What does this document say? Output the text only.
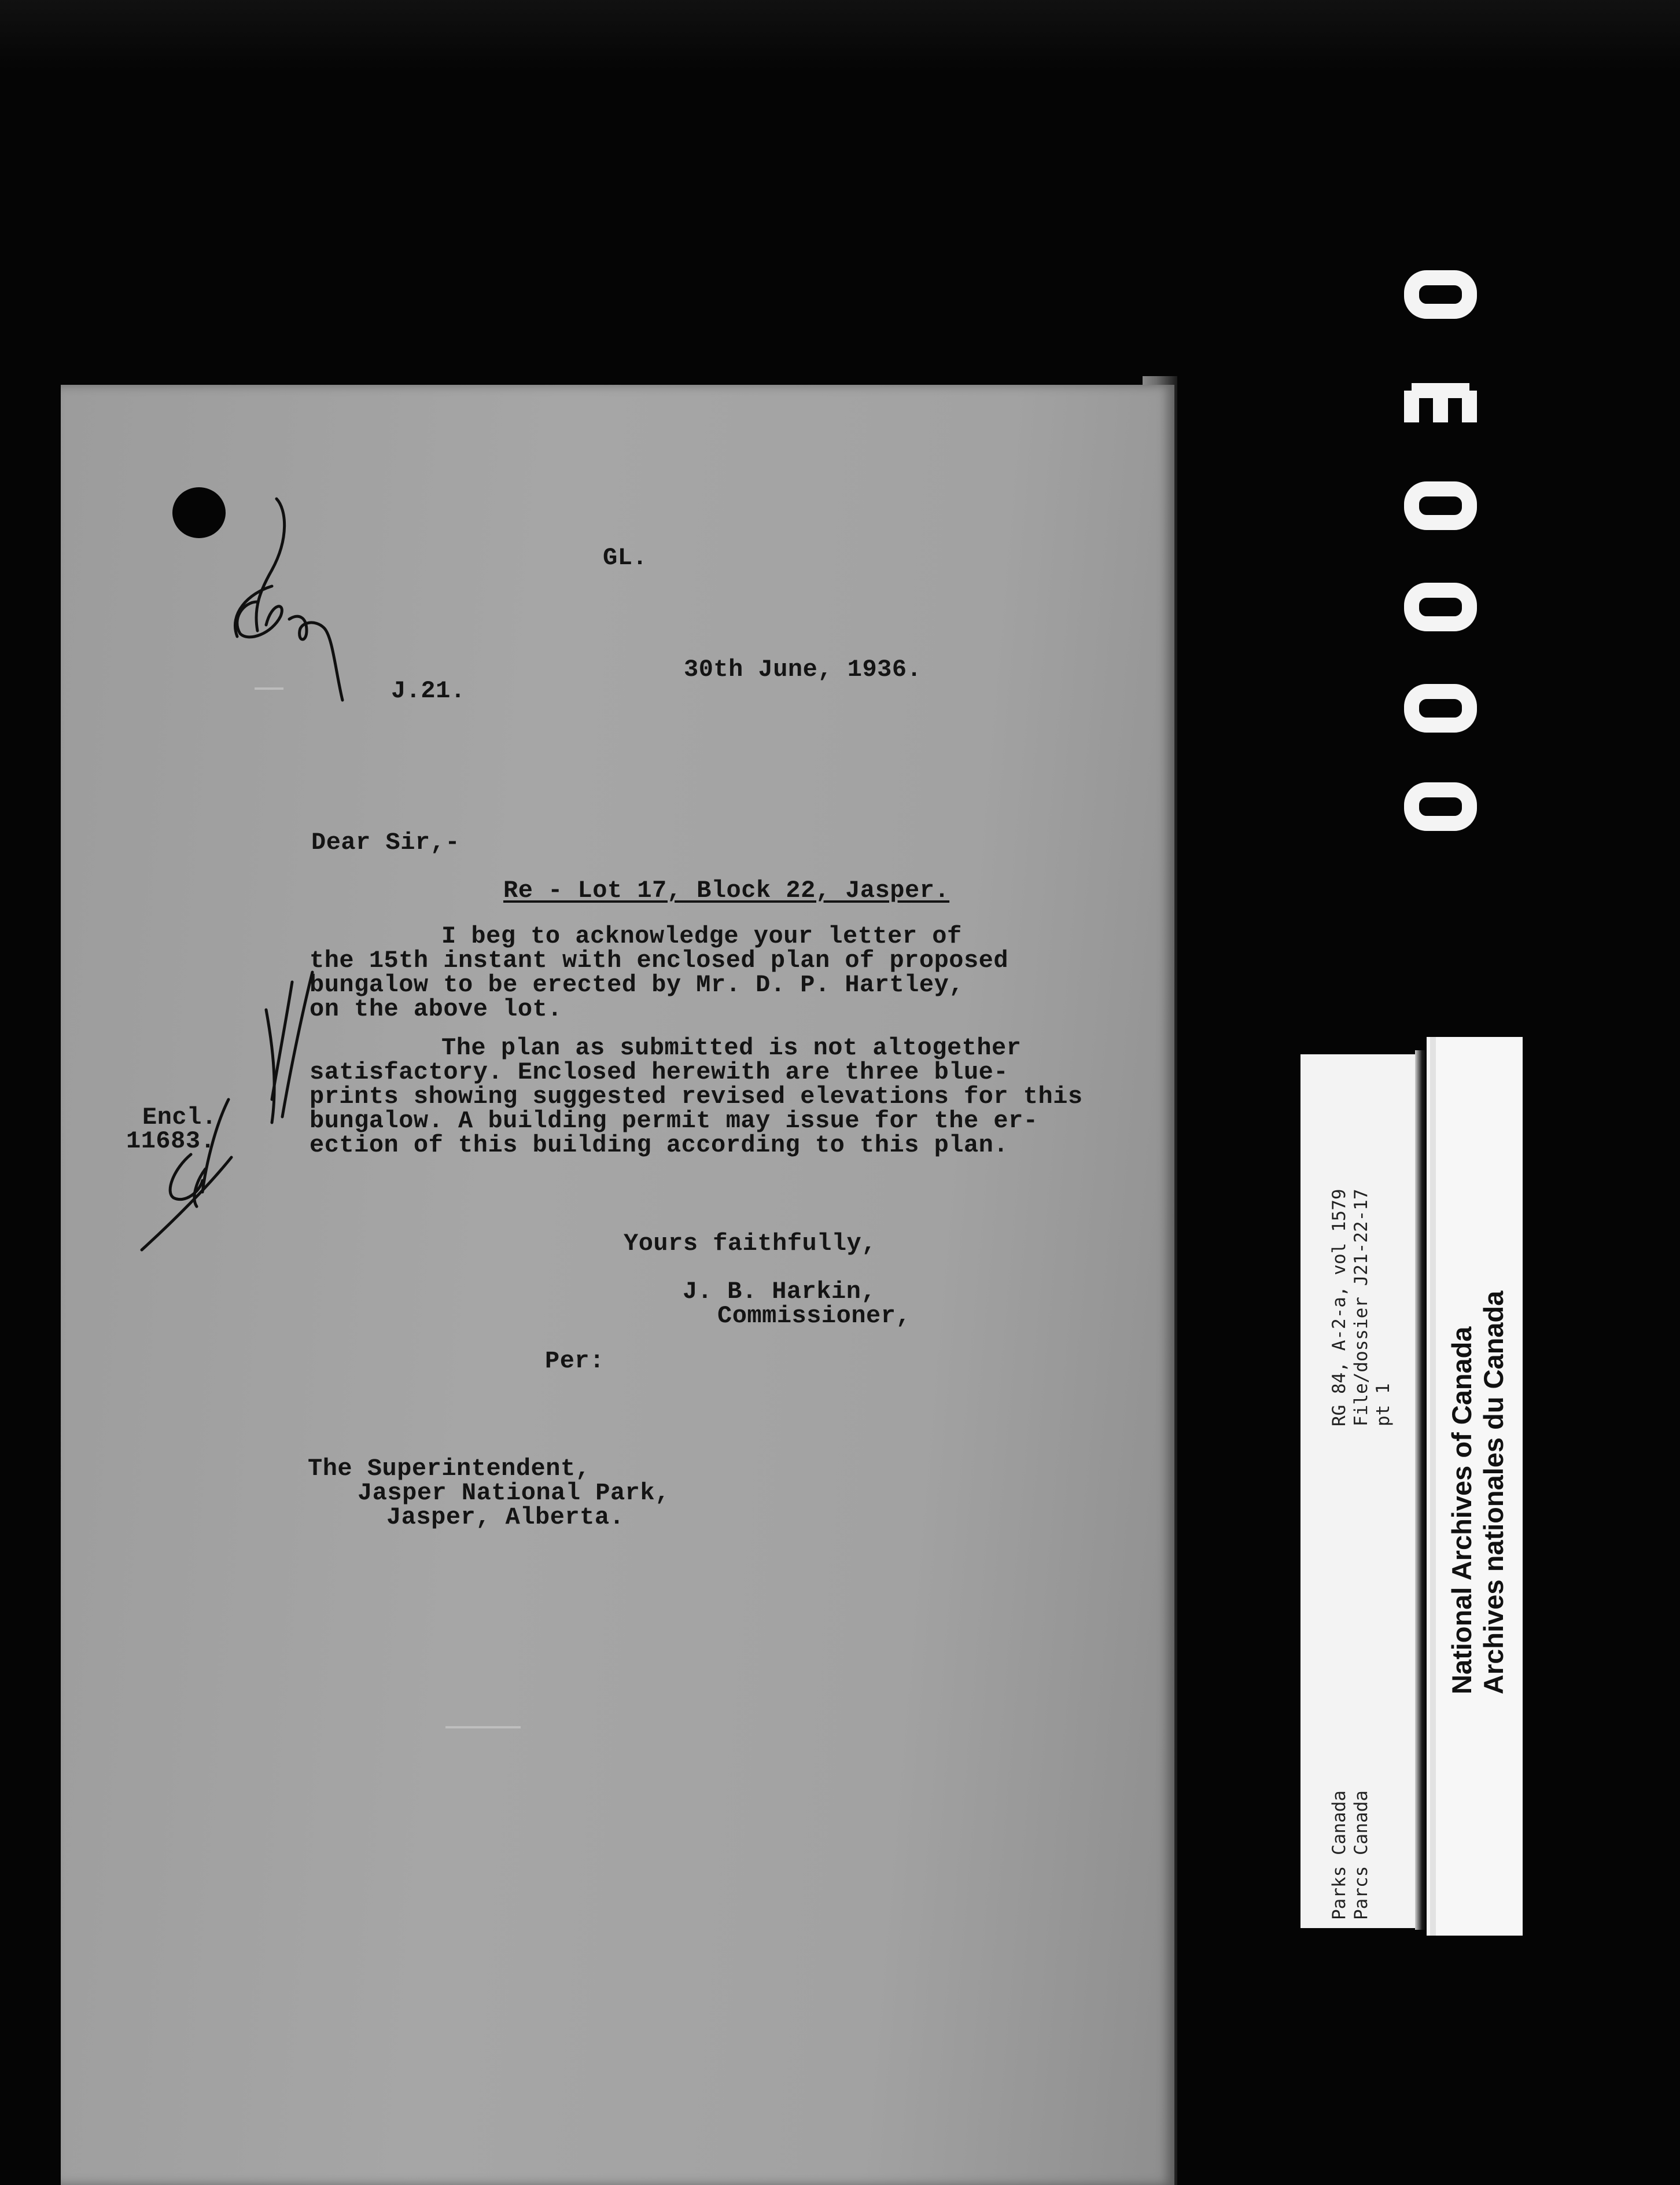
GL.
30th June, 1936.
J.21.
Dear Sir,-
Re - Lot 17, Block 22, Jasper.
I beg to acknowledge your letter of
the 15th instant with enclosed plan of proposed
bungalow to be erected by Mr. D. P. Hartley,
on the above lot.
The plan as submitted is not altogether
satisfactory. Enclosed herewith are three blue-
prints showing suggested revised elevations for this
bungalow. A building permit may issue for the er-
ection of this building according to this plan.
Encl.
11683.
Yours faithfully,
J. B. Harkin,
Commissioner,
Per:
The Superintendent,
Jasper National Park,
Jasper, Alberta.
RG 84, A-2-a, vol 1579 File/dossier J21-22-17 pt 1
Parks Canada Parcs Canada
National Archives of Canada Archives nationales du Canada
